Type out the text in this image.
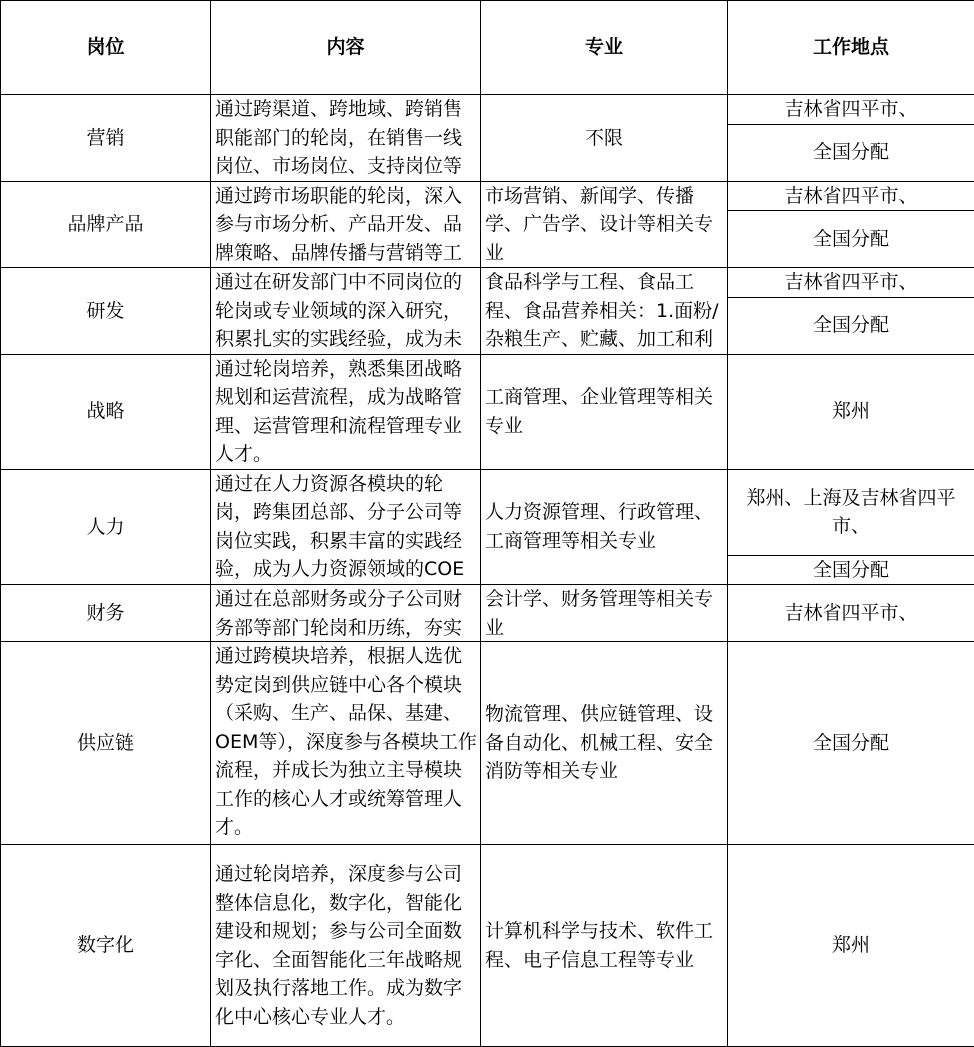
岗位	内容	专业	工作地点
营销	通过跨渠道、跨地域、跨销售职能部门的轮岗，在销售一线岗位、市场岗位、支持岗位等	不限	吉林省四平市、
			全国分配
品牌产品	通过跨市场职能的轮岗，深入参与市场分析、产品开发、品牌策略、品牌传播与营销等工	市场营销、新闻学、传播学、广告学、设计等相关专业	吉林省四平市、
			全国分配
研发	通过在研发部门中不同岗位的轮岗或专业领域的深入研究，积累扎实的实践经验，成为未	食品科学与工程、食品工程、食品营养相关：1.面粉/杂粮生产、贮藏、加工和利	吉林省四平市、
			全国分配
战略	通过轮岗培养，熟悉集团战略规划和运营流程，成为战略管理、运营管理和流程管理专业人才。	工商管理、企业管理等相关专业	郑州
人力	通过在人力资源各模块的轮岗，跨集团总部、分子公司等岗位实践，积累丰富的实践经验，成为人力资源领域的COE	人力资源管理、行政管理、工商管理等相关专业	郑州、上海及吉林省四平市、

			全国分配
财务	通过在总部财务或分子公司财务部等部门轮岗和历练，夯实	会计学、财务管理等相关专业	吉林省四平市、
供应链	通过跨模块培养，根据人选优势定岗到供应链中心各个模块（采购、生产、品保、基建、OEM等），深度参与各模块工作流程，并成长为独立主导模块工作的核心人才或统筹管理人才。	物流管理、供应链管理、设备自动化、机械工程、安全消防等相关专业	全国分配
数字化	通过轮岗培养，深度参与公司整体信息化，数字化，智能化建设和规划；参与公司全面数字化、全面智能化三年战略规划及执行落地工作。成为数字化中心核心专业人才。	计算机科学与技术、软件工程、电子信息工程等专业	郑州
